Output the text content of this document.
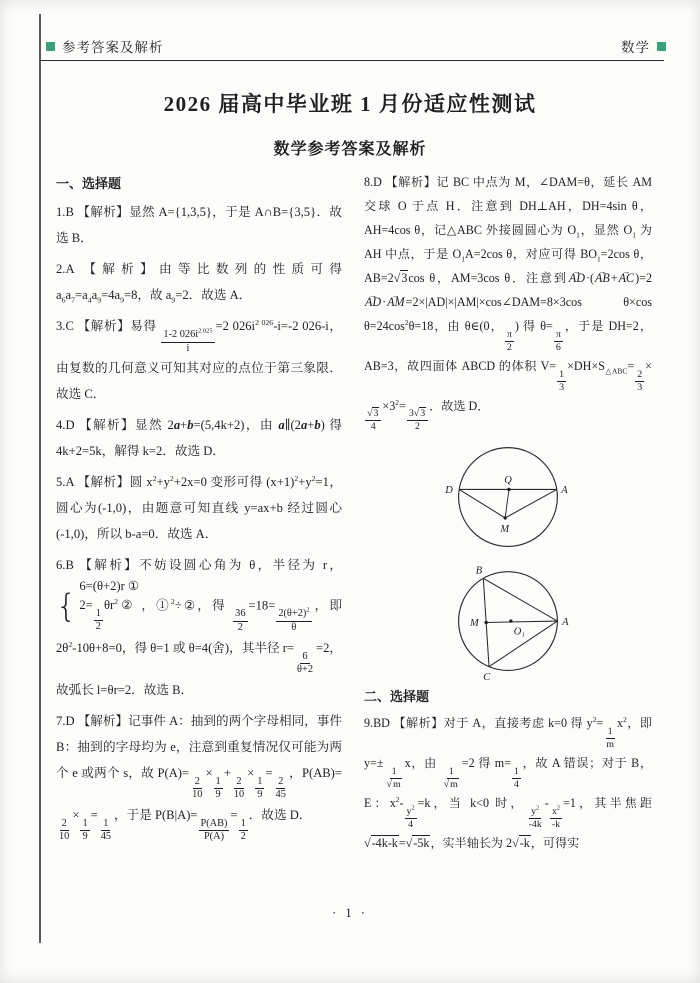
参考答案及解析	数学
2026 届高中毕业班 1 月份适应性测试
数学参考答案及解析
一、选择题

1.B 【解析】显然 A={1,3,5}，于是 A∩B={3,5}．故选 B．

2.A 【解析】由等比数列的性质可得 $a_6a_7=a_4a_9=4a_9=8$，故 $a_9=2$．故选 A．

3.C 【解析】易得
$\frac{1-2 026i^{2 025}}{i}$
=2 $026i^{2 026}-i=-2$ 026-i，由复数的几何意义可知其对应的点位于第三象限．故选 C．

4.D 【解析】显然 2a+b=(5,4k+2)，由 a∥(2a+b) 得 4k+2=5k，解得 k=2．故选 D．

5.A 【解析】圆 $x^2+y^2+2x=0$ 变形可得 $(x+1)^2+y^2=1$，圆心为(-1,0)，由题意可知直线 y=ax+b 经过圆心(-1,0)，所以 b-a=0．故选 A．

6.B 【解析】不妨设圆心角为 θ，半径为 r，
{
6=(θ+2)r ①
2=
$\frac{1}{2}$
$\theta r^2$ ② ，①$^2$÷②，得
$\frac{36}{2}$
=18=
$\frac{2(\theta+2)^2}{\theta}$
，即 $2\theta^2-10\theta+8=0$，得 θ=1 或 θ=4(舍)，其半径 r=
$\frac{6}{\theta+2}$
=2，故弧长 l=θr=2．故选 B．

7.D 【解析】记事件 A：抽到的两个字母相同，事件 B：抽到的字母均为 e，注意到重复情况仅可能为两个 e 或两个 s，故 P(A)=
$\frac{2}{10}$
×
$\frac{1}{9}$
+
$\frac{2}{10}$
×
$\frac{1}{9}$
=
$\frac{2}{45}$
，P(AB)=
$\frac{2}{10}$
×
$\frac{1}{9}$
=
$\frac{1}{45}$
，于是 P(B|A)=
$\frac{P(AB)}{P(A)}$
=
$\frac{1}{2}$
．故选 D．

8.D 【解析】记 BC 中点为 M，∠DAM=θ，延长 AM 交球 O 于点 H．注意到 DH⊥AH，DH=4sin θ，AH=4cos θ，记△ABC 外接圆圆心为 $O_1$，显然 $O_1$ 为 AH 中点，于是 $O_1A=2\cos$ θ，对应可得 $BO_1=2\cos$ θ，AB=2√3cos θ，AM=3cos θ．注意到→ AD·(→ AB+→ AC)=2→ AD·→ AM=2×|AD|×|AM|×cos∠DAM=8×3cos θ×cos $\theta=24\cos^2\theta=18$，由 θ∈(0，
$\frac{\pi}{2}$
) 得 θ=
$\frac{\pi}{6}$
，于是 DH=2，AB=3，故四面体 ABCD 的体积 V=
$\frac{1}{3}$
$\times DH\times S_{\triangle ABC}=$
$\frac{2}{3}$
×
$\frac{√3}{4}$
$\times 3^2=$
$\frac{3√3}{2}$
．故选 D．

D
Q
A
M
B
M
O₁
A
C
二、选择题

9.BD 【解析】对于 A，直接考虑 k=0 得 $y^2=$
$\frac{1}{m}$
$x^2$，即 y=±
$\frac{1}{√m}$
x，由
$\frac{1}{√m}$
=2 得 m=
$\frac{1}{4}$
，故 A 错误；对于 B，E：$x^2-$
$\frac{y^2}{4}$
=k，当 k<0 时，
$\frac{y^2}{-4k}$
-
$\frac{x^2}{-k}$
=1，其半焦距 √-4k-k=√-5k，实半轴长为 2√-k，可得实

· 1 ·
